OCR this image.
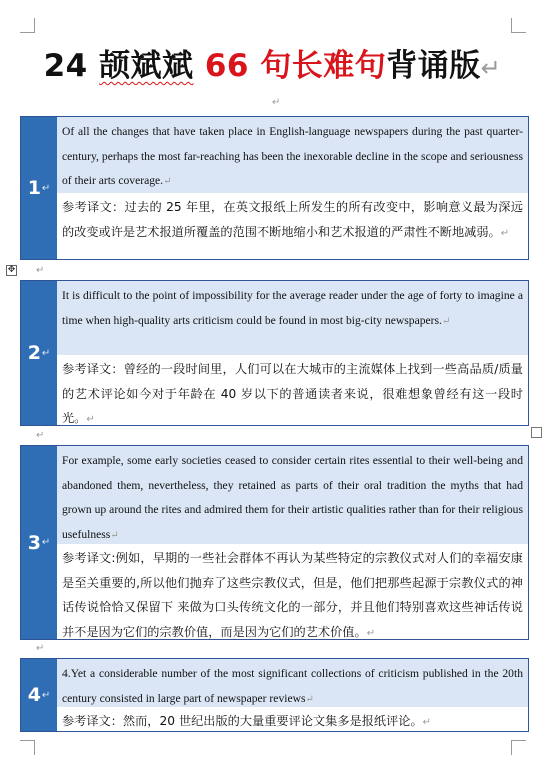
24 颉斌斌 66 句长难句背诵版↵
↵
1 ↵
Of all the changes that have taken place in English-language newspapers during the past quarter-century, perhaps the most far-reaching has been the inexorable decline in the scope and seriousness of their arts coverage.↵
参考译文：过去的 25 年里，在英文报纸上所发生的所有改变中，影响意义最为深远的改变或许是艺术报道所覆盖的范围不断地缩小和艺术报道的严肃性不断地减弱。↵
✥ ↵
2 ↵
It is difficult to the point of impossibility for the average reader under the age of forty to imagine a time when high-quality arts criticism could be found in most big-city newspapers.↵
参考译文：曾经的一段时间里，人们可以在大城市的主流媒体上找到一些高品质/质量的艺术评论如今对于年龄在 40 岁以下的普通读者来说，很难想象曾经有这一段时光。↵
↵
3 ↵
For example, some early societies ceased to consider certain rites essential to their well-being and abandoned them, nevertheless, they retained as parts of their oral tradition the myths that had grown up around the rites and admired them for their artistic qualities rather than for their religious usefulness↵
参考译文:例如，早期的一些社会群体不再认为某些特定的宗教仪式对人们的幸福安康是至关重要的,所以他们抛弃了这些宗教仪式，但是，他们把那些起源于宗教仪式的神话传说恰恰又保留下 来做为口头传统文化的一部分，并且他们特别喜欢这些神话传说并不是因为它们的宗教价值，而是因为它们的艺术价值。↵
↵
4 ↵
4.Yet a considerable number of the most significant collections of criticism published in the 20th century consisted in large part of newspaper reviews↵
参考译文：然而，20 世纪出版的大量重要评论文集多是报纸评论。↵
